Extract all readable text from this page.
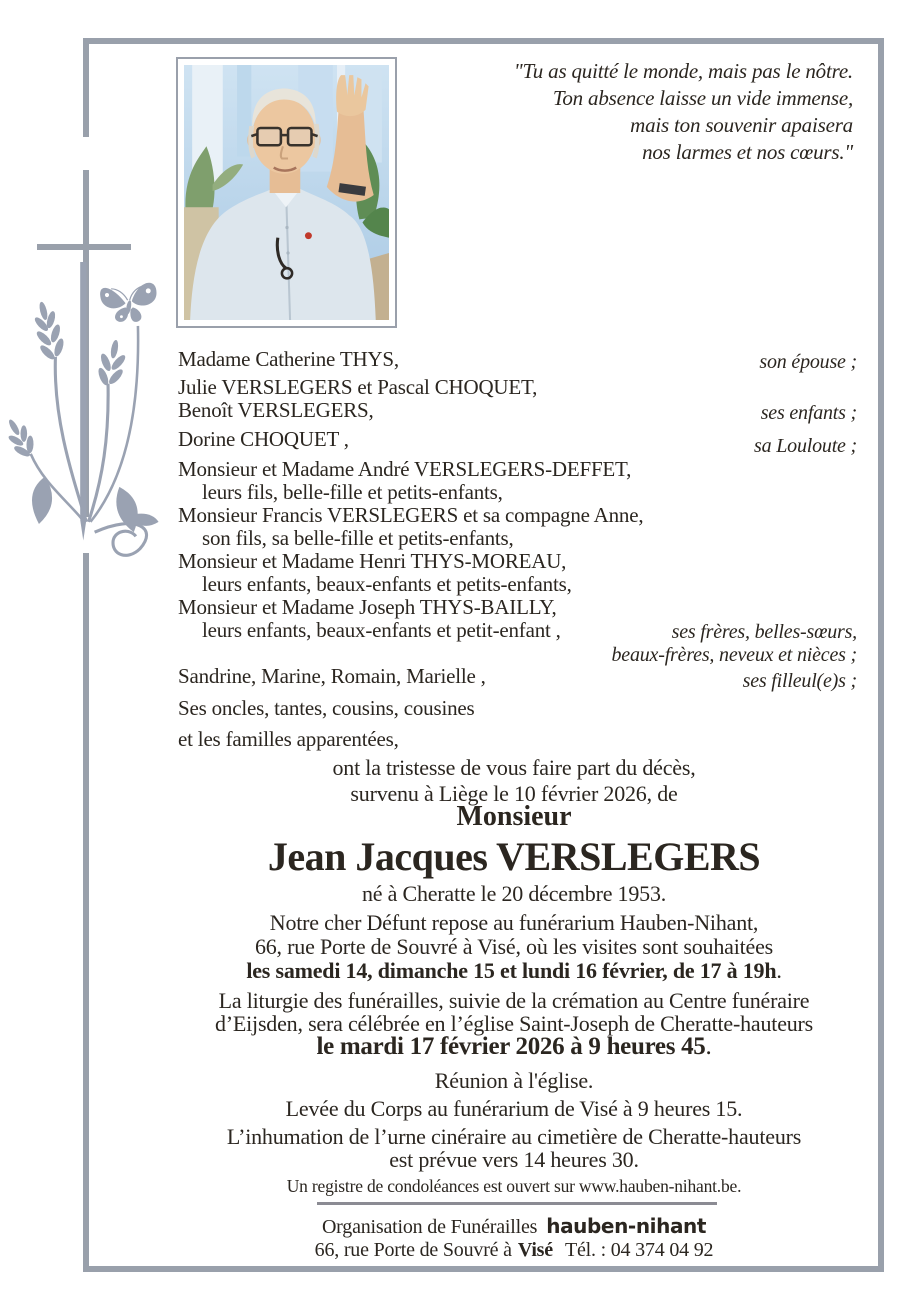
"Tu as quitté le monde, mais pas le nôtre.
Ton absence laisse un vide immense,
mais ton souvenir apaisera
nos larmes et nos cœurs."
Madame Catherine THYS,
Julie VERSLEGERS et Pascal CHOQUET,
Benoît VERSLEGERS,
Dorine CHOQUET ,
Monsieur et Madame André VERSLEGERS-DEFFET,
leurs fils, belle-fille et petits-enfants,
Monsieur Francis VERSLEGERS et sa compagne Anne,
son fils, sa belle-fille et petits-enfants,
Monsieur et Madame Henri THYS-MOREAU,
leurs enfants, beaux-enfants et petits-enfants,
Monsieur et Madame Joseph THYS-BAILLY,
leurs enfants, beaux-enfants et petit-enfant ,
Sandrine, Marine, Romain, Marielle ,
Ses oncles, tantes, cousins, cousines
et les familles apparentées,
son épouse ;
ses enfants ;
sa Louloute ;
ses frères, belles-sœurs,
beaux-frères, neveux et nièces ;
ses filleul(e)s ;
ont la tristesse de vous faire part du décès,
survenu à Liège le 10 février 2026, de
Monsieur
Jean Jacques VERSLEGERS
né à Cheratte le 20 décembre 1953.
Notre cher Défunt repose au funérarium Hauben-Nihant,
66, rue Porte de Souvré à Visé, où les visites sont souhaitées
les samedi 14, dimanche 15 et lundi 16 février, de 17 à 19h.
La liturgie des funérailles, suivie de la crémation au Centre funéraire
d’Eijsden, sera célébrée en l’église Saint-Joseph de Cheratte-hauteurs
le mardi 17 février 2026 à 9 heures 45.
Réunion à l'église.
Levée du Corps au funérarium de Visé à 9 heures 15.
L’inhumation de l’urne cinéraire au cimetière de Cheratte-hauteurs
est prévue vers 14 heures 30.
Un registre de condoléances est ouvert sur www.hauben-nihant.be.
Organisation de Funérailles hauben-nihant
66, rue Porte de Souvré à Visé Tél. : 04 374 04 92
